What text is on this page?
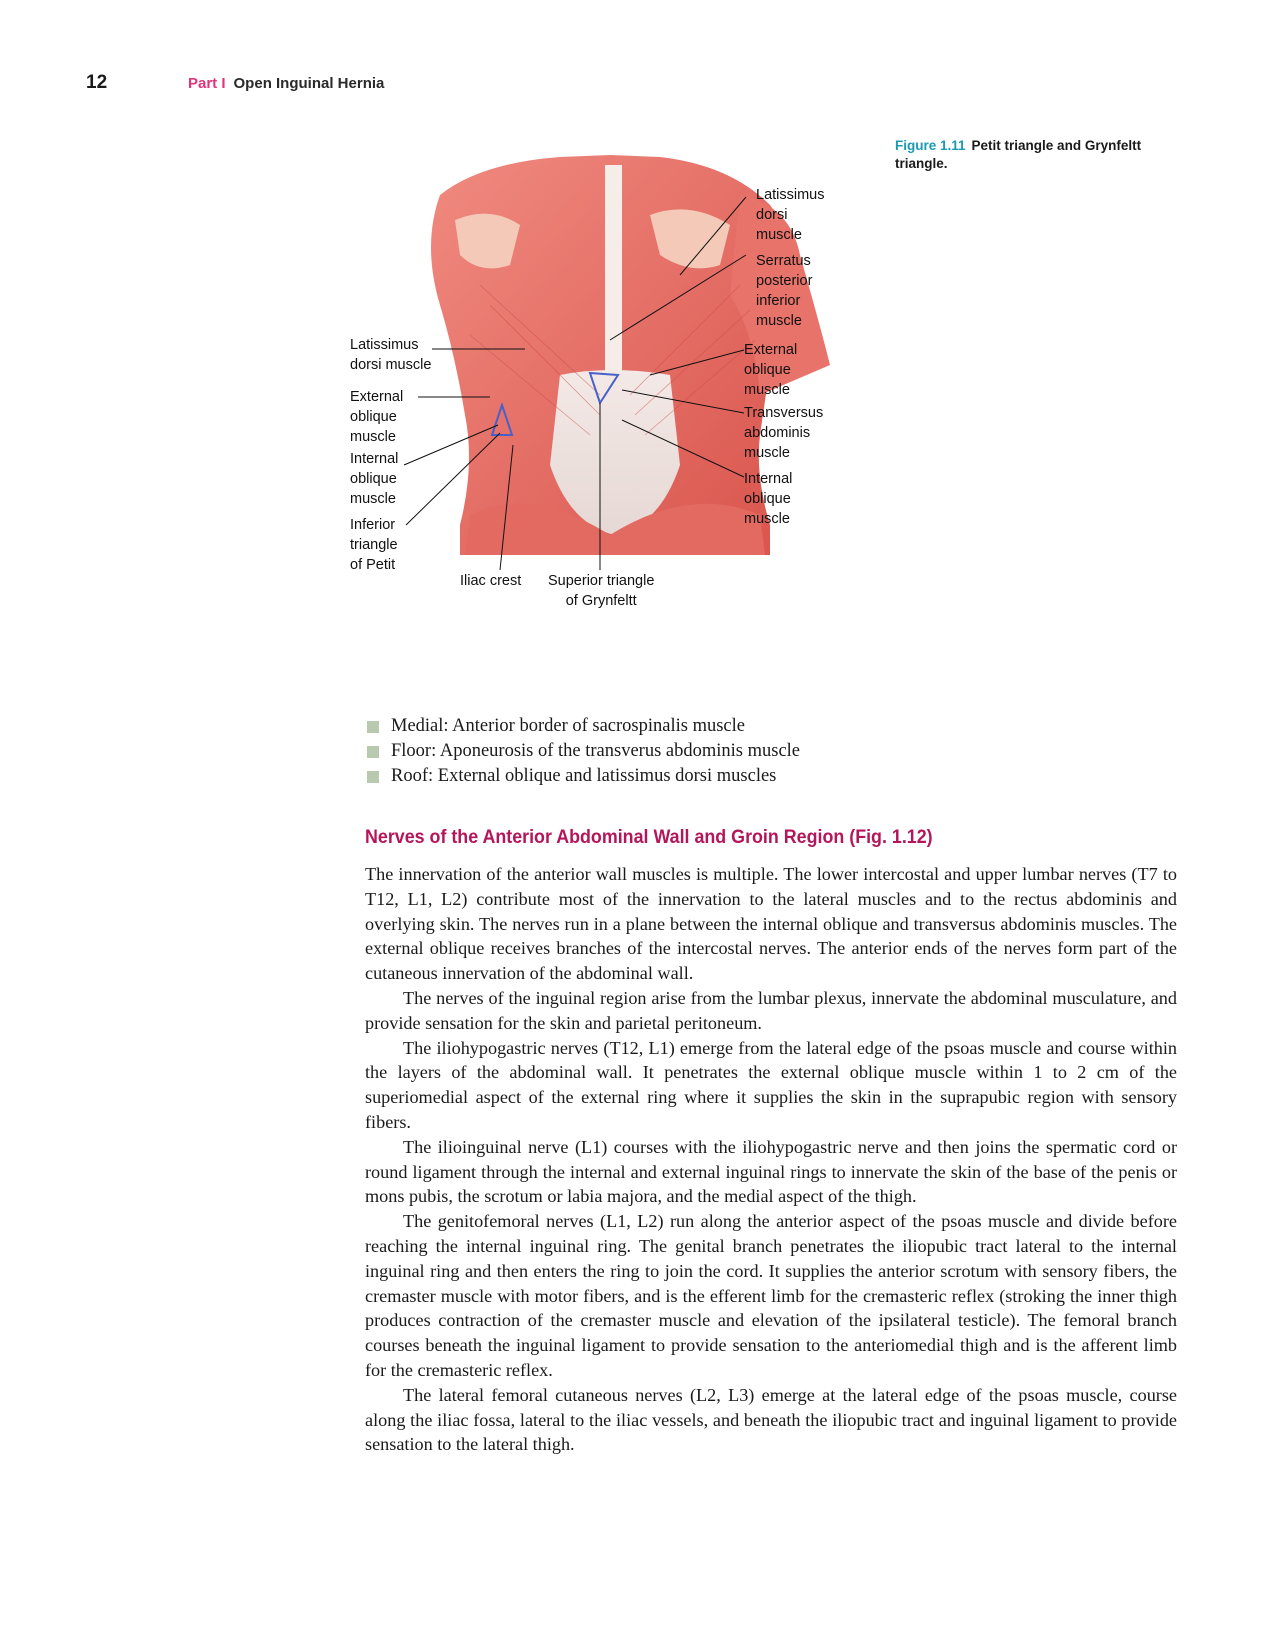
12	Part I Open Inguinal Hernia
Figure 1.11 Petit triangle and Grynfeltt triangle.
Latissimus
dorsi
muscle
Serratus
posterior
inferior
muscle
External
oblique
muscle
Transversus
abdominis
muscle
Internal
oblique
muscle
Latissimus
dorsi muscle
External
oblique
muscle
Internal
oblique
muscle
Inferior
triangle
of Petit
Iliac crest Superior triangle
of Grynfeltt
Medial: Anterior border of sacrospinalis muscle
Floor: Aponeurosis of the transverus abdominis muscle
Roof: External oblique and latissimus dorsi muscles
Nerves of the Anterior Abdominal Wall and Groin Region (Fig. 1.12)

The innervation of the anterior wall muscles is multiple. The lower intercostal and upper lumbar nerves (T7 to T12, L1, L2) contribute most of the innervation to the lateral muscles and to the rectus abdominis and overlying skin. The nerves run in a plane between the internal oblique and transversus abdominis muscles. The external oblique receives branches of the intercostal nerves. The anterior ends of the nerves form part of the cutaneous innervation of the abdominal wall.

The nerves of the inguinal region arise from the lumbar plexus, innervate the abdominal musculature, and provide sensation for the skin and parietal peritoneum.

The iliohypogastric nerves (T12, L1) emerge from the lateral edge of the psoas muscle and course within the layers of the abdominal wall. It penetrates the external oblique muscle within 1 to 2 cm of the superiomedial aspect of the external ring where it supplies the skin in the suprapubic region with sensory fibers.

The ilioinguinal nerve (L1) courses with the iliohypogastric nerve and then joins the spermatic cord or round ligament through the internal and external inguinal rings to innervate the skin of the base of the penis or mons pubis, the scrotum or labia majora, and the medial aspect of the thigh.

The genitofemoral nerves (L1, L2) run along the anterior aspect of the psoas muscle and divide before reaching the internal inguinal ring. The genital branch penetrates the iliopubic tract lateral to the internal inguinal ring and then enters the ring to join the cord. It supplies the anterior scrotum with sensory fibers, the cremaster muscle with motor fibers, and is the efferent limb for the cremasteric reflex (stroking the inner thigh produces contraction of the cremaster muscle and elevation of the ipsilateral testicle). The femoral branch courses beneath the inguinal ligament to provide sensation to the anteriomedial thigh and is the afferent limb for the cremasteric reflex.

The lateral femoral cutaneous nerves (L2, L3) emerge at the lateral edge of the psoas muscle, course along the iliac fossa, lateral to the iliac vessels, and beneath the iliopubic tract and inguinal ligament to provide sensation to the lateral thigh.
